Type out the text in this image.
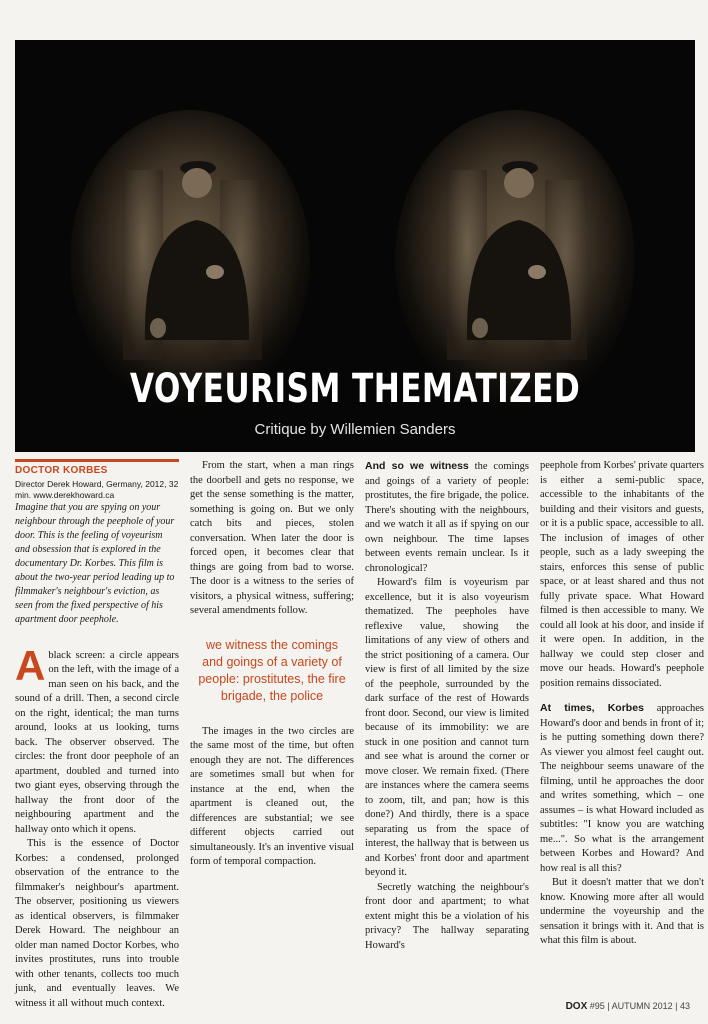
VOYEURISM THEMATIZED
Critique by Willemien Sanders
DOCTOR KORBES

Director Derek Howard, Germany, 2012, 32 min. www.derekhoward.ca

Imagine that you are spying on your neighbour through the peephole of your door. This is the feeling of voyeurism and obsession that is explored in the documentary Dr. Korbes. This film is about the two-year period leading up to filmmaker's neighbour's eviction, as seen from the fixed perspective of his apartment door peephole.

Ablack screen: a circle appears on the left, with the image of a man seen on his back, and the sound of a drill. Then, a second circle on the right, identical; the man turns around, looks at us looking, turns back. The observer observed. The circles: the front door peephole of an apartment, doubled and turned into two giant eyes, observing through the hallway the front door of the neighbouring apartment and the hallway onto which it opens.

This is the essence of Doctor Korbes: a condensed, prolonged observation of the entrance to the filmmaker's neighbour's apartment. The observer, positioning us viewers as identical observers, is filmmaker Derek Howard. The neighbour an older man named Doctor Korbes, who invites prostitutes, runs into trouble with other tenants, collects too much junk, and eventually leaves. We witness it all without much context.

From the start, when a man rings the doorbell and gets no response, we get the sense something is the matter, something is going on. But we only catch bits and pieces, stolen conversation. When later the door is forced open, it becomes clear that things are going from bad to worse. The door is a witness to the series of visitors, a physical witness, suffering; several amendments follow.

we witness the comings and goings of a variety of people: prostitutes, the fire brigade, the police

The images in the two circles are the same most of the time, but often enough they are not. The differences are sometimes small but when for instance at the end, when the apartment is cleaned out, the differences are substantial; we see different objects carried out simultaneously. It's an inventive visual form of temporal compaction.

And so we witness the comings and goings of a variety of people: prostitutes, the fire brigade, the police. There's shouting with the neighbours, and we watch it all as if spying on our own neighbour. The time lapses between events remain unclear. Is it chronological?

Howard's film is voyeurism par excellence, but it is also voyeurism thematized. The peepholes have reflexive value, showing the limitations of any view of others and the strict positioning of a camera. Our view is first of all limited by the size of the peephole, surrounded by the dark surface of the rest of Howards front door. Second, our view is limited because of its immobility: we are stuck in one position and cannot turn and see what is around the corner or move closer. We remain fixed. (There are instances where the camera seems to zoom, tilt, and pan; how is this done?) And thirdly, there is a space separating us from the space of interest, the hallway that is between us and Korbes' front door and apartment beyond it.

Secretly watching the neighbour's front door and apartment; to what extent might this be a violation of his privacy? The hallway separating Howard's

peephole from Korbes' private quarters is either a semi-public space, accessible to the inhabitants of the building and their visitors and guests, or it is a public space, accessible to all. The inclusion of images of other people, such as a lady sweeping the stairs, enforces this sense of public space, or at least shared and thus not fully private space. What Howard filmed is then accessible to many. We could all look at his door, and inside if it were open. In addition, in the hallway we could step closer and move our heads. Howard's peephole position remains dissociated.

At times, Korbes approaches Howard's door and bends in front of it; is he putting something down there? As viewer you almost feel caught out. The neighbour seems unaware of the filming, until he approaches the door and writes something, which – one assumes – is what Howard included as subtitles: "I know you are watching me...". So what is the arrangement between Korbes and Howard? And how real is all this?

But it doesn't matter that we don't know. Knowing more after all would undermine the voyeurship and the sensation it brings with it. And that is what this film is about.

DOX #95 | AUTUMN 2012 | 43
